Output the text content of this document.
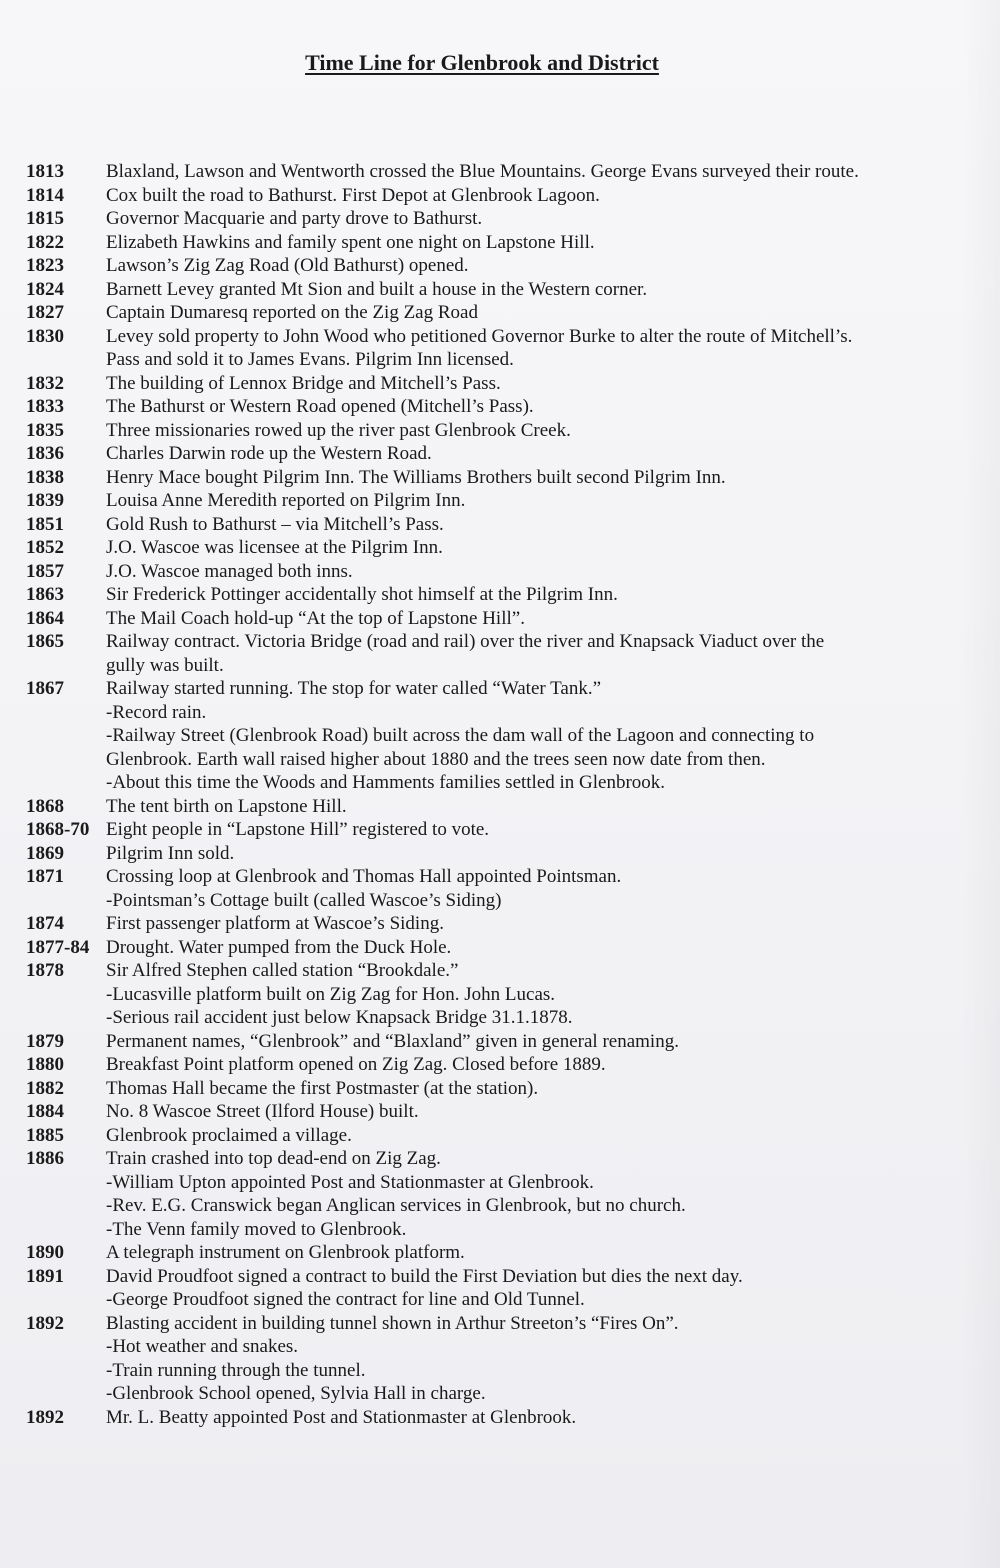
Time Line for Glenbrook and District
1813	Blaxland, Lawson and Wentworth crossed the Blue Mountains. George Evans surveyed their route.
1814	Cox built the road to Bathurst. First Depot at Glenbrook Lagoon.
1815	Governor Macquarie and party drove to Bathurst.
1822	Elizabeth Hawkins and family spent one night on Lapstone Hill.
1823	Lawson’s Zig Zag Road (Old Bathurst) opened.
1824	Barnett Levey granted Mt Sion and built a house in the Western corner.
1827	Captain Dumaresq reported on the Zig Zag Road
1830	Levey sold property to John Wood who petitioned Governor Burke to alter the route of Mitchell’s.
Pass and sold it to James Evans. Pilgrim Inn licensed.
1832	The building of Lennox Bridge and Mitchell’s Pass.
1833	The Bathurst or Western Road opened (Mitchell’s Pass).
1835	Three missionaries rowed up the river past Glenbrook Creek.
1836	Charles Darwin rode up the Western Road.
1838	Henry Mace bought Pilgrim Inn. The Williams Brothers built second Pilgrim Inn.
1839	Louisa Anne Meredith reported on Pilgrim Inn.
1851	Gold Rush to Bathurst – via Mitchell’s Pass.
1852	J.O. Wascoe was licensee at the Pilgrim Inn.
1857	J.O. Wascoe managed both inns.
1863	Sir Frederick Pottinger accidentally shot himself at the Pilgrim Inn.
1864	The Mail Coach hold-up “At the top of Lapstone Hill”.
1865	Railway contract. Victoria Bridge (road and rail) over the river and Knapsack Viaduct over the
gully was built.
1867	Railway started running. The stop for water called “Water Tank.”
-Record rain.
-Railway Street (Glenbrook Road) built across the dam wall of the Lagoon and connecting to
Glenbrook. Earth wall raised higher about 1880 and the trees seen now date from then.
-About this time the Woods and Hamments families settled in Glenbrook.
1868	The tent birth on Lapstone Hill.
1868-70 Eight people in “Lapstone Hill” registered to vote.
1869	Pilgrim Inn sold.
1871	Crossing loop at Glenbrook and Thomas Hall appointed Pointsman.
-Pointsman’s Cottage built (called Wascoe’s Siding)
1874	First passenger platform at Wascoe’s Siding.
1877-84 Drought. Water pumped from the Duck Hole.
1878	Sir Alfred Stephen called station “Brookdale.”
-Lucasville platform built on Zig Zag for Hon. John Lucas.
-Serious rail accident just below Knapsack Bridge 31.1.1878.
1879	Permanent names, “Glenbrook” and “Blaxland” given in general renaming.
1880	Breakfast Point platform opened on Zig Zag. Closed before 1889.
1882	Thomas Hall became the first Postmaster (at the station).
1884	No. 8 Wascoe Street (Ilford House) built.
1885	Glenbrook proclaimed a village.
1886	Train crashed into top dead-end on Zig Zag.
-William Upton appointed Post and Stationmaster at Glenbrook.
-Rev. E.G. Cranswick began Anglican services in Glenbrook, but no church.
-The Venn family moved to Glenbrook.
1890	A telegraph instrument on Glenbrook platform.
1891	David Proudfoot signed a contract to build the First Deviation but dies the next day.
-George Proudfoot signed the contract for line and Old Tunnel.
1892	Blasting accident in building tunnel shown in Arthur Streeton’s “Fires On”.
-Hot weather and snakes.
-Train running through the tunnel.
-Glenbrook School opened, Sylvia Hall in charge.
1892	Mr. L. Beatty appointed Post and Stationmaster at Glenbrook.
